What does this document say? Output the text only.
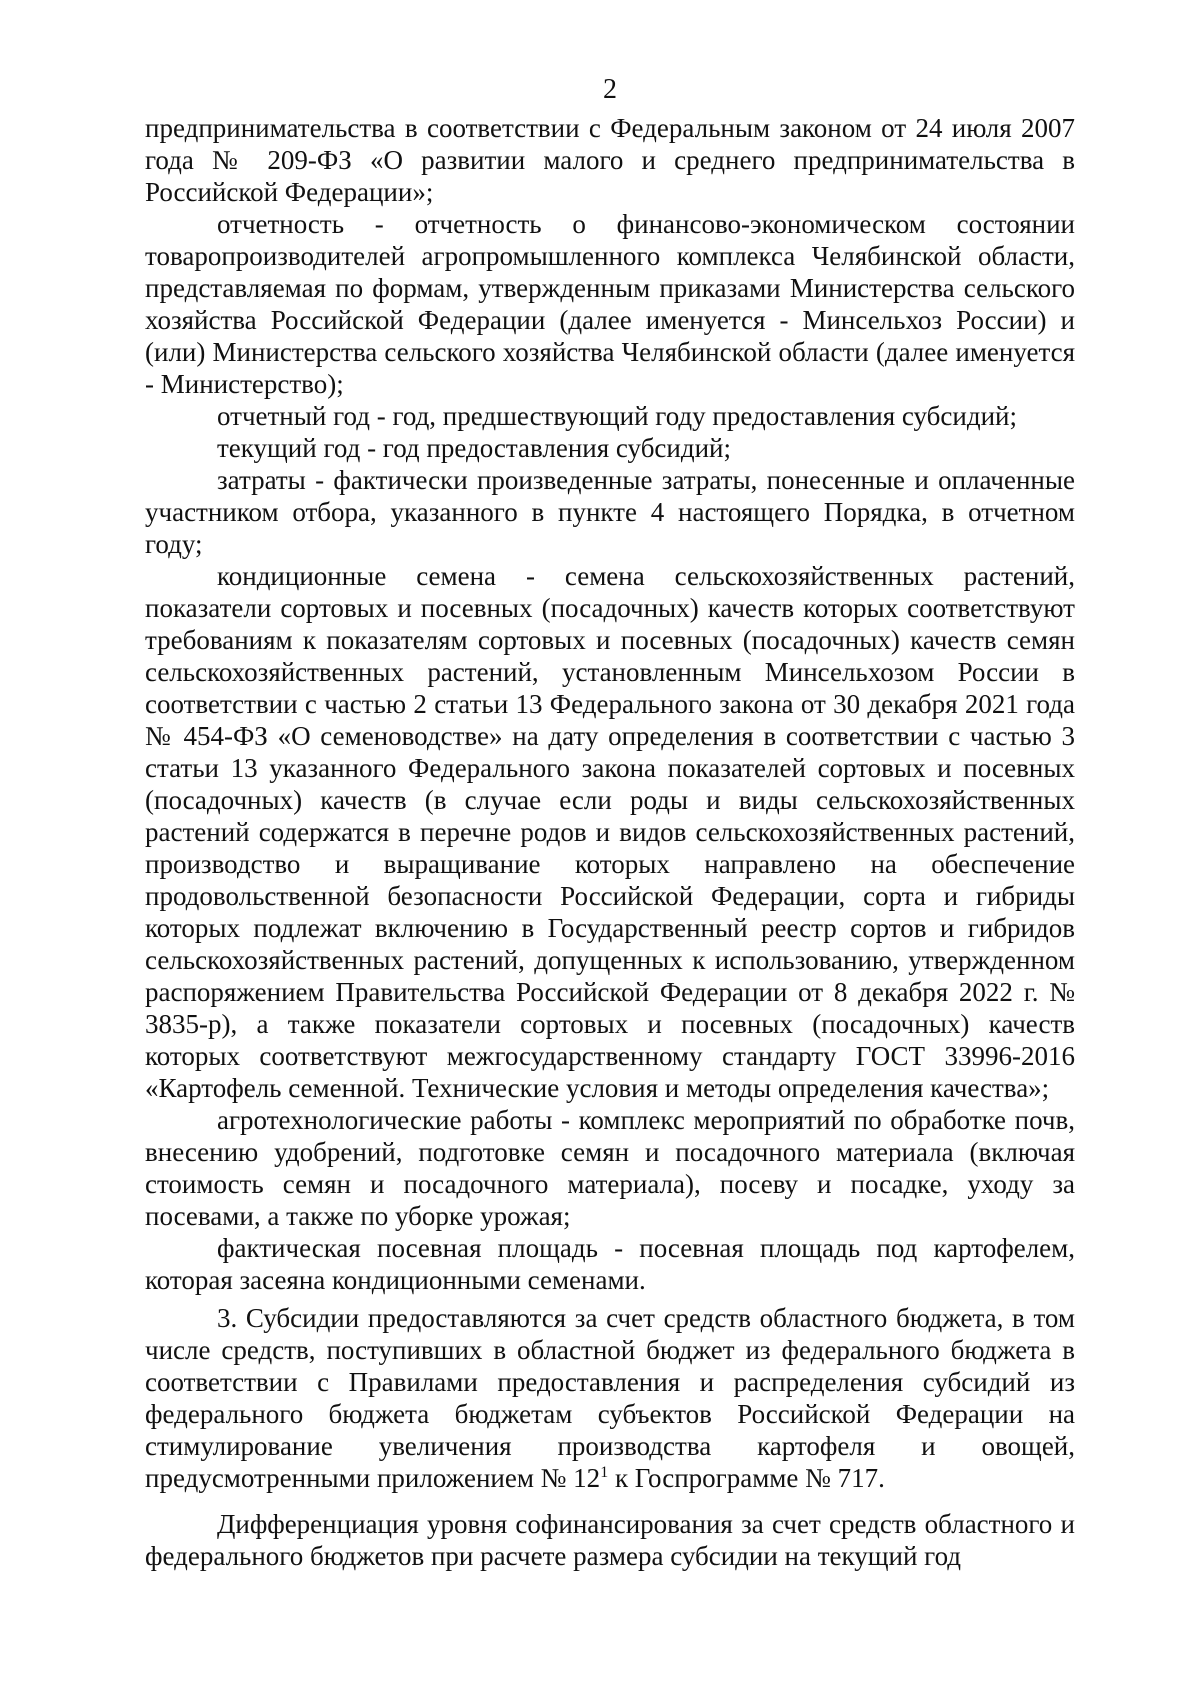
2

предпринимательства в соответствии с Федеральным законом от 24 июля 2007 года № 209-ФЗ «О развитии малого и среднего предпринимательства в Российской Федерации»;

отчетность - отчетность о финансово-экономическом состоянии товаропроизводителей агропромышленного комплекса Челябинской области, представляемая по формам, утвержденным приказами Министерства сельского хозяйства Российской Федерации (далее именуется - Минсельхоз России) и (или) Министерства сельского хозяйства Челябинской области (далее именуется - Министерство);

отчетный год - год, предшествующий году предоставления субсидий;

текущий год - год предоставления субсидий;

затраты - фактически произведенные затраты, понесенные и оплаченные участником отбора, указанного в пункте 4 настоящего Порядка, в отчетном году;

кондиционные семена - семена сельскохозяйственных растений, показатели сортовых и посевных (посадочных) качеств которых соответствуют требованиям к показателям сортовых и посевных (посадочных) качеств семян сельскохозяйственных растений, установленным Минсельхозом России в соответствии с частью 2 статьи 13 Федерального закона от 30 декабря 2021 года № 454-ФЗ «О семеноводстве» на дату определения в соответствии с частью 3 статьи 13 указанного Федерального закона показателей сортовых и посевных (посадочных) качеств (в случае если роды и виды сельскохозяйственных растений содержатся в перечне родов и видов сельскохозяйственных растений, производство и выращивание которых направлено на обеспечение продовольственной безопасности Российской Федерации, сорта и гибриды которых подлежат включению в Государственный реестр сортов и гибридов сельскохозяйственных растений, допущенных к использованию, утвержденном распоряжением Правительства Российской Федерации от 8 декабря 2022 г. № 3835-р), а также показатели сортовых и посевных (посадочных) качеств которых соответствуют межгосударственному стандарту ГОСТ 33996-2016 «Картофель семенной. Технические условия и методы определения качества»;

агротехнологические работы - комплекс мероприятий по обработке почв, внесению удобрений, подготовке семян и посадочного материала (включая стоимость семян и посадочного материала), посеву и посадке, уходу за посевами, а также по уборке урожая;

фактическая посевная площадь - посевная площадь под картофелем, которая засеяна кондиционными семенами.

3. Субсидии предоставляются за счет средств областного бюджета, в том числе средств, поступивших в областной бюджет из федерального бюджета в соответствии с Правилами предоставления и распределения субсидий из федерального бюджета бюджетам субъектов Российской Федерации на стимулирование увеличения производства картофеля и овощей, предусмотренными приложением № $12^1$ к Госпрограмме № 717.

Дифференциация уровня софинансирования за счет средств областного и федерального бюджетов при расчете размера субсидии на текущий год
